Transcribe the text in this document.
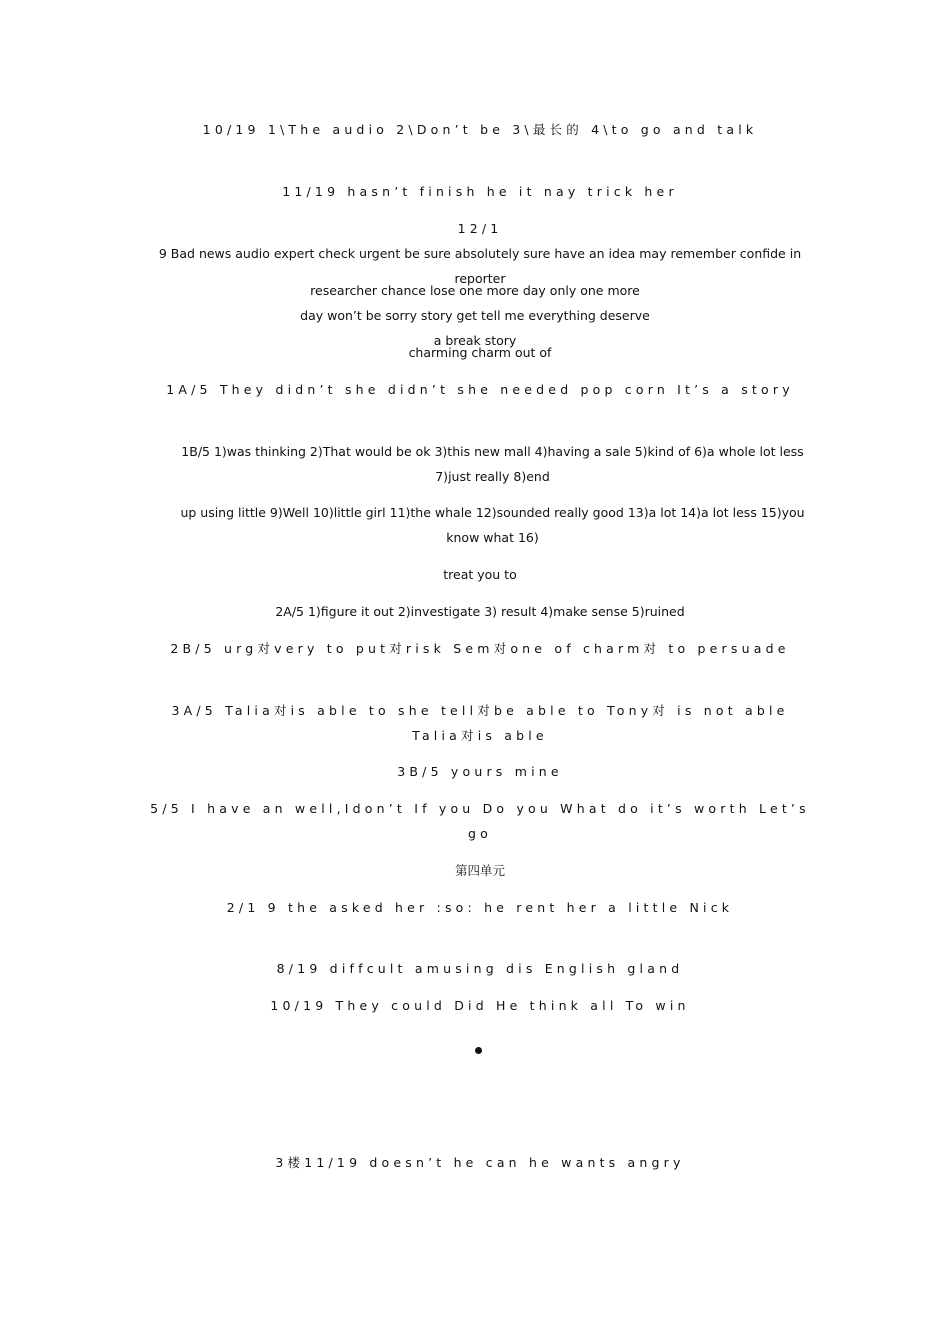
10/19 1\The audio 2\Don’t be 3\最长的 4\to go and talk
11/19 hasn’t finish he it nay trick her
12/1
9 Bad news audio expert check urgent be sure absolutely sure have an idea may remember confide in reporter
researcher chance lose one more day only one more day won’t be sorry story get tell me everything deserve a break story
charming charm out of
1A/5 They didn’t she didn’t she needed pop corn It’s a story
1B/5 1)was thinking 2)That would be ok 3)this new mall 4)having a sale 5)kind of 6)a whole lot less 7)just really 8)end
up using little 9)Well 10)little girl 11)the whale 12)sounded really good 13)a lot 14)a lot less 15)you know what 16)
treat you to
2A/5 1)figure it out 2)investigate 3) result 4)make sense 5)ruined
2B/5 urg对very to put对risk Sem对one of charm对 to persuade
3A/5 Talia对is able to she tell对be able to Tony对 is not able Talia对is able
3B/5 yours mine
5/5 I have an well,Idon’t If you Do you What do it’s worth Let’s go
第四单元
2/1 9 the asked her :so: he rent her a little Nick
8/19 diffcult amusing dis English gland
10/19 They could Did He think all To win
3楼11/19 doesn’t he can he wants angry
